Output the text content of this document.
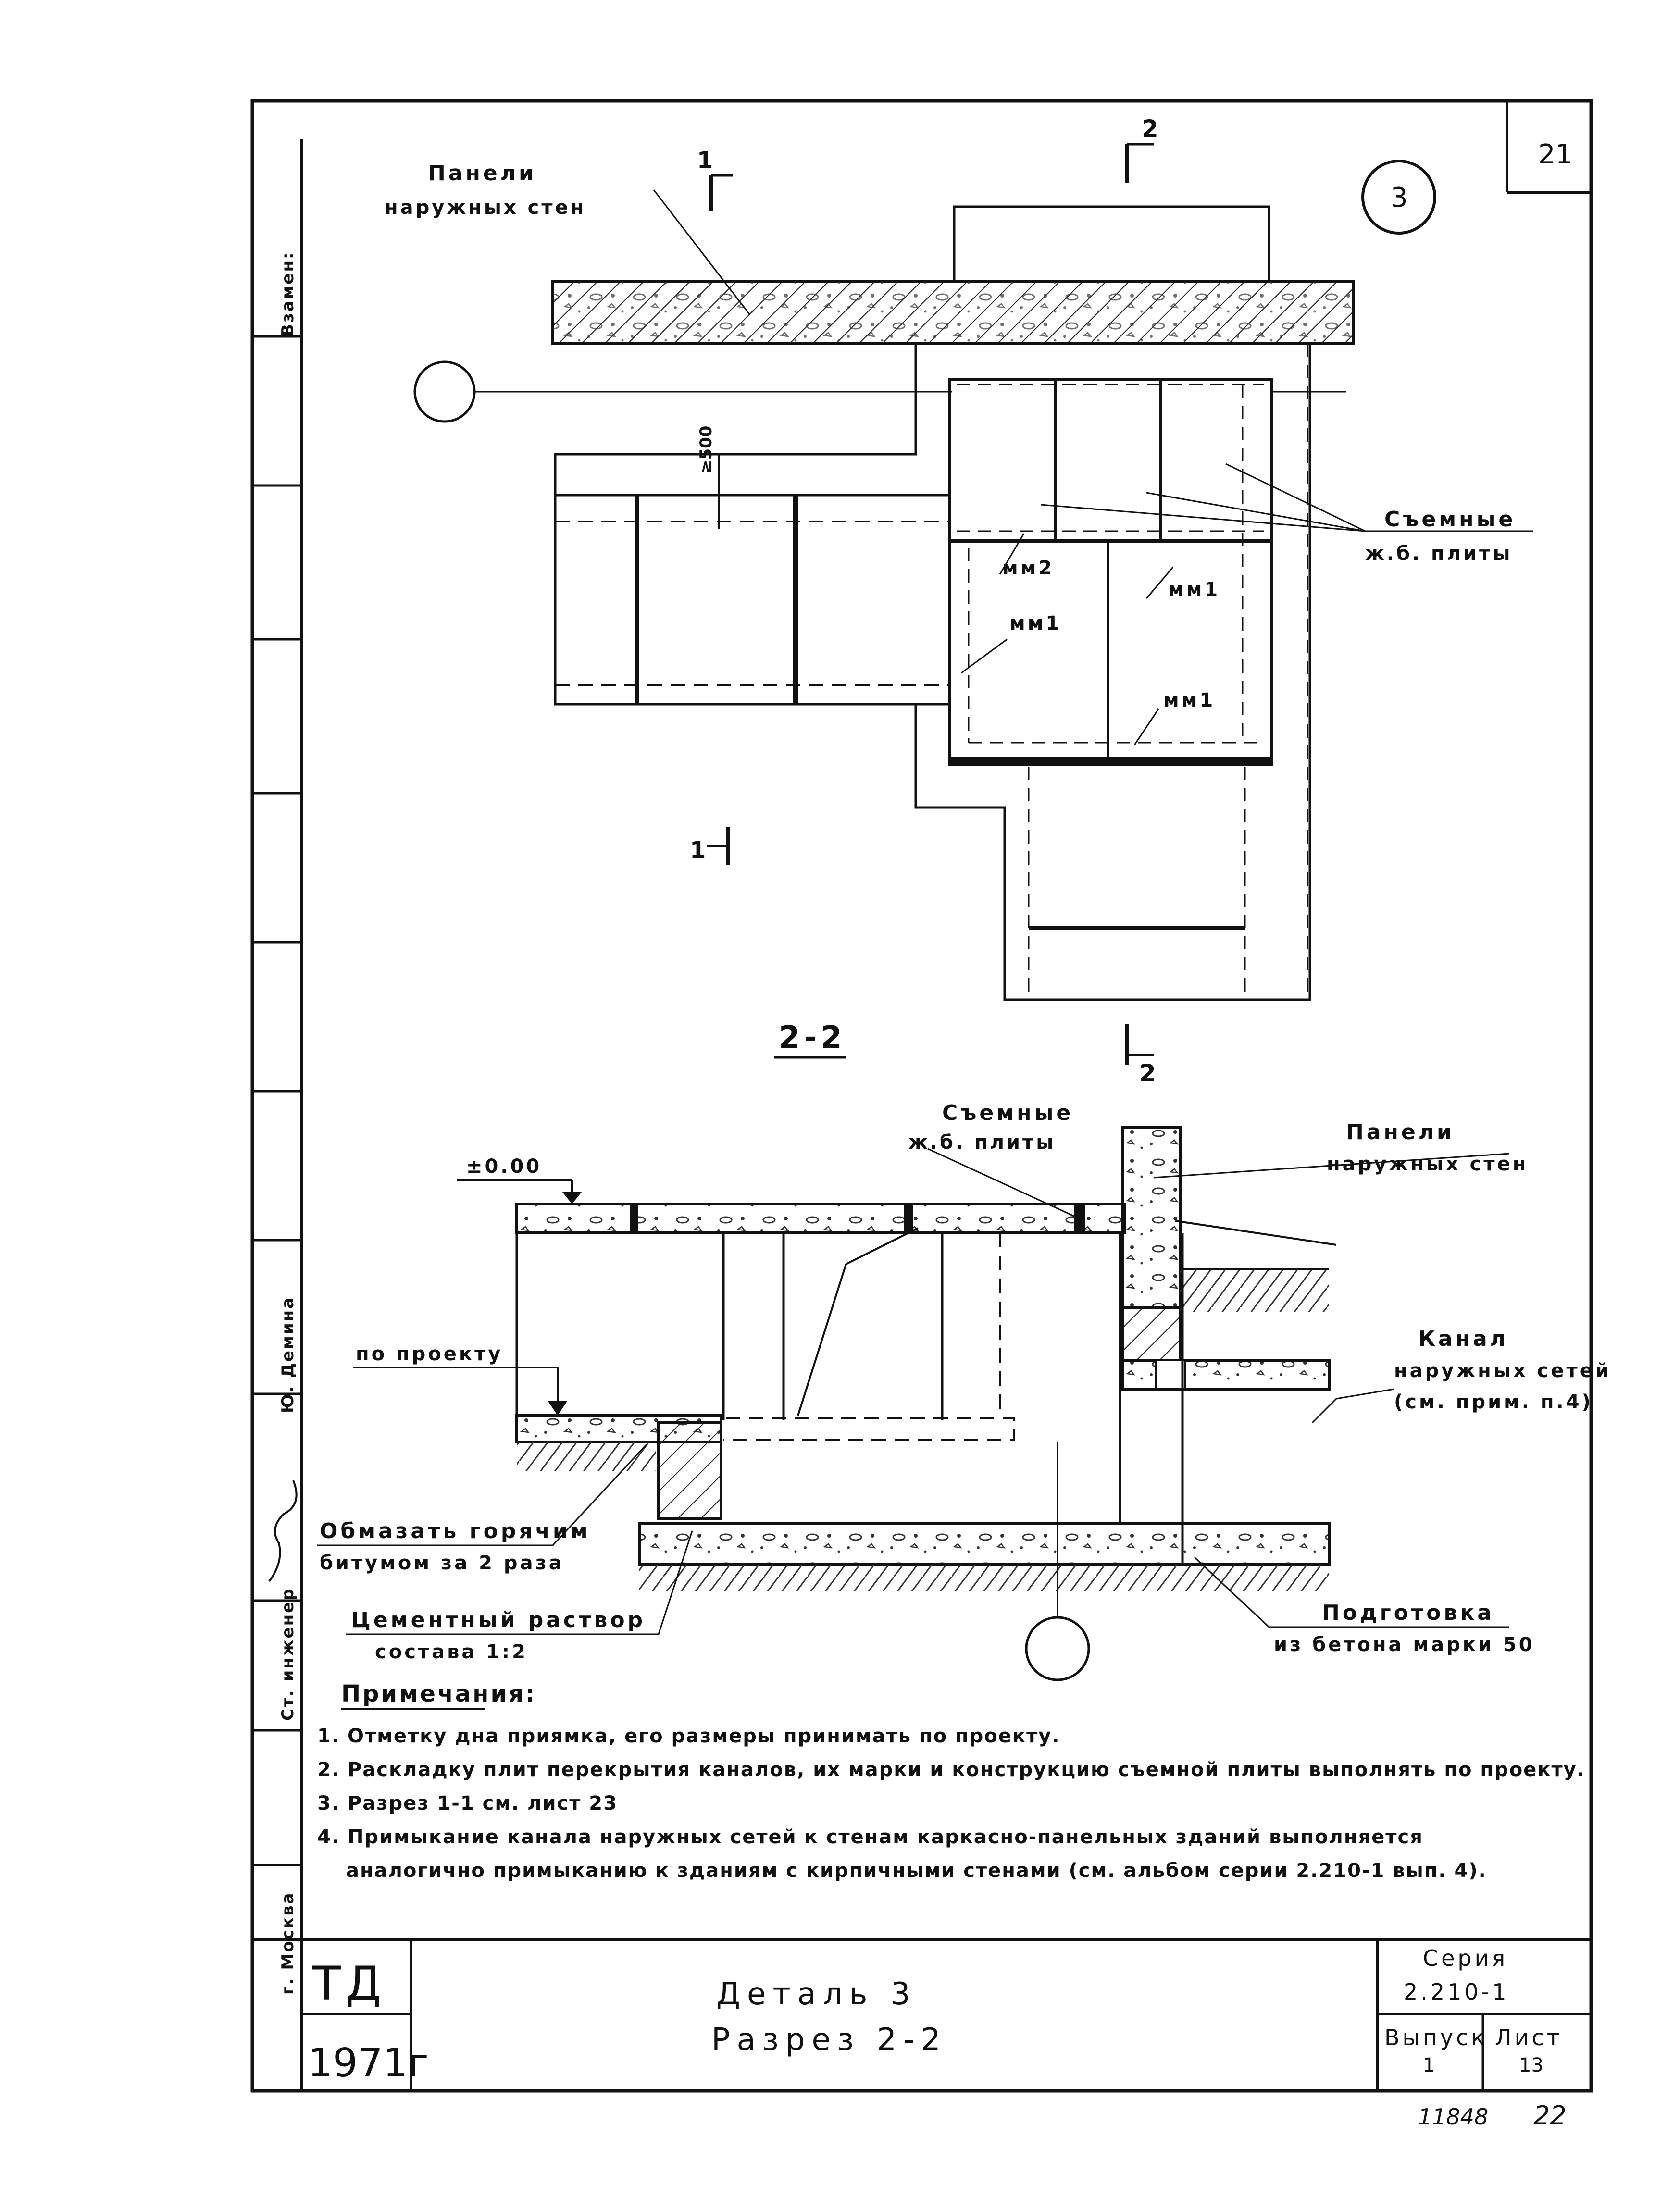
21
Взамен:
Ю. Демина
Ст. инженер
г. Москва
≥500
3
1
1
2
2
Панели
наружных стен
Съемные
ж.б. плиты
мм2
мм1
мм1
мм1
2-2
Съемные
ж.б. плиты	Панели
наружных стен
±0.00
по проекту
Канал
наружных сетей
(см. прим. п.4)
Обмазать горячим
битумом за 2 раза
Цементный раствор
состава 1:2
Подготовка
из бетона марки 50
Примечания:
1. Отметку дна приямка, его размеры принимать по проекту.
2. Раскладку плит перекрытия каналов, их марки и конструкцию съемной плиты выполнять по проекту.
3. Разрез 1-1 см. лист 23
4. Примыкание канала наружных сетей к стенам каркасно-панельных зданий выполняется
аналогично примыканию к зданиям с кирпичными стенами (см. альбом серии 2.210-1 вып. 4).
ТД
1971г
Деталь 3
Разрез 2-2
Серия
2.210-1
Выпуск
1
Лист
13
11848 22
